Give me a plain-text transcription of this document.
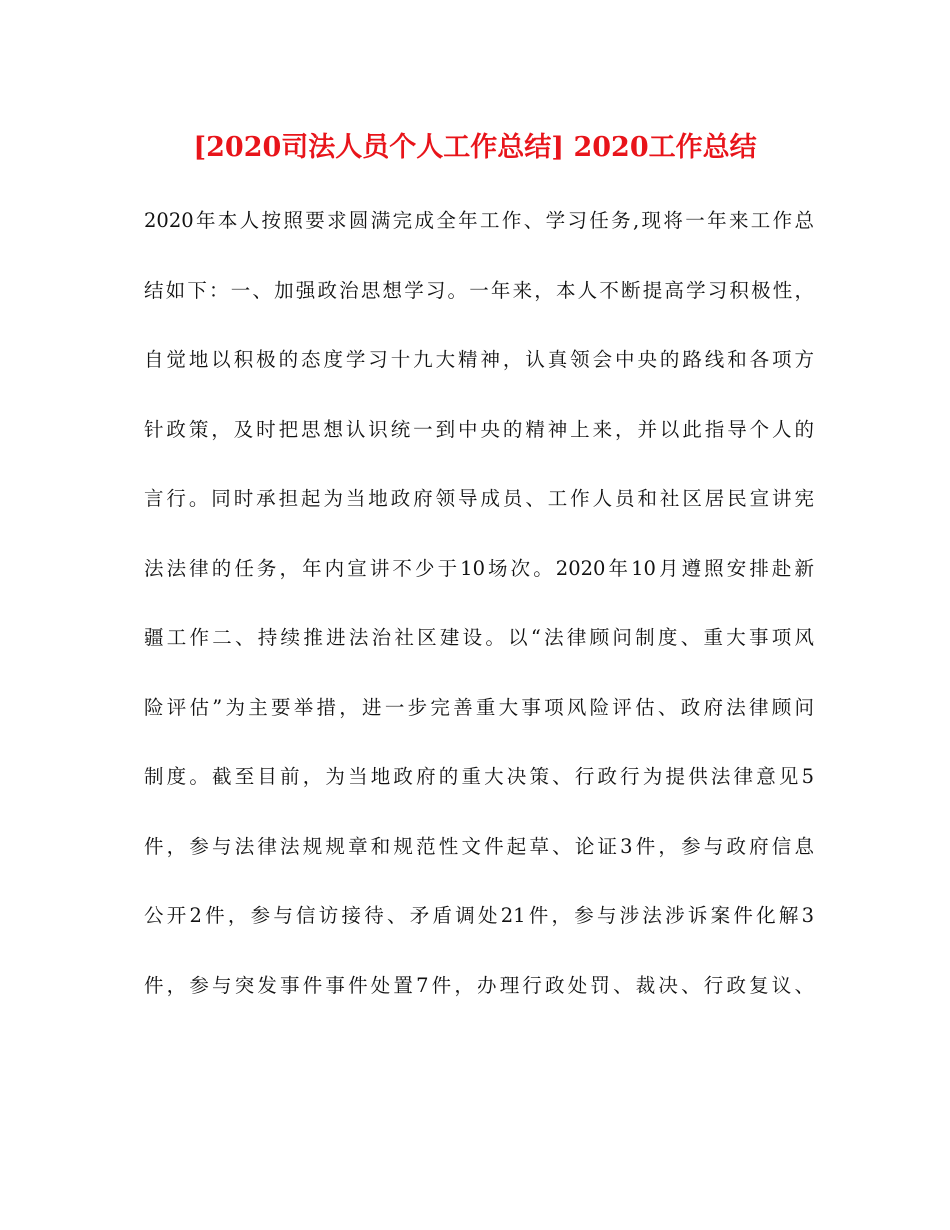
[2020司法人员个人工作总结] 2020工作总结
2020年本人按照要求圆满完成全年工作、学习任务,现将一年来工作总
结如下：一、加强政治思想学习。一年来，本人不断提高学习积极性，
自觉地以积极的态度学习十九大精神，认真领会中央的路线和各项方
针政策，及时把思想认识统一到中央的精神上来，并以此指导个人的
言行。同时承担起为当地政府领导成员、工作人员和社区居民宣讲宪
法法律的任务，年内宣讲不少于10场次。2020年10月遵照安排赴新
疆工作二、持续推进法治社区建设。以“法律顾问制度、重大事项风
险评估”为主要举措，进一步完善重大事项风险评估、政府法律顾问
制度。截至目前，为当地政府的重大决策、行政行为提供法律意见5
件，参与法律法规规章和规范性文件起草、论证3件，参与政府信息
公开2件，参与信访接待、矛盾调处21件，参与涉法涉诉案件化解3
件，参与突发事件事件处置7件，办理行政处罚、裁决、行政复议、
